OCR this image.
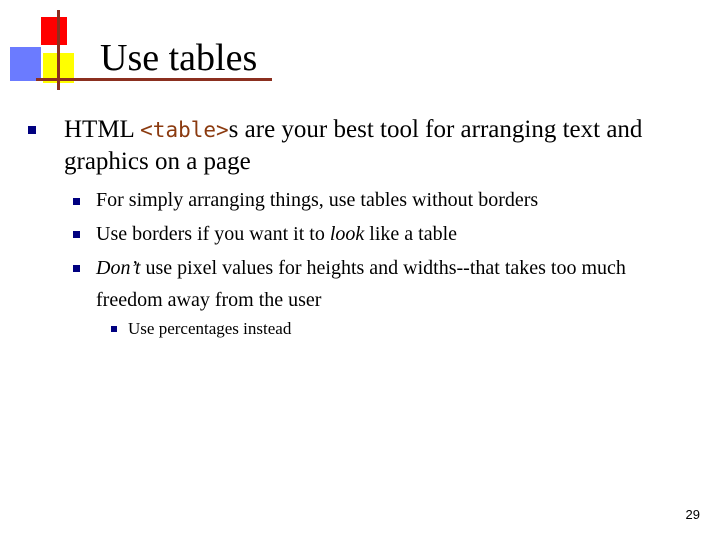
Use tables
HTML <table>s are your best tool for arranging text and graphics on a page
For simply arranging things, use tables without borders
Use borders if you want it to look like a table
Don’t use pixel values for heights and widths--that takes too much freedom away from the user
Use percentages instead
29
